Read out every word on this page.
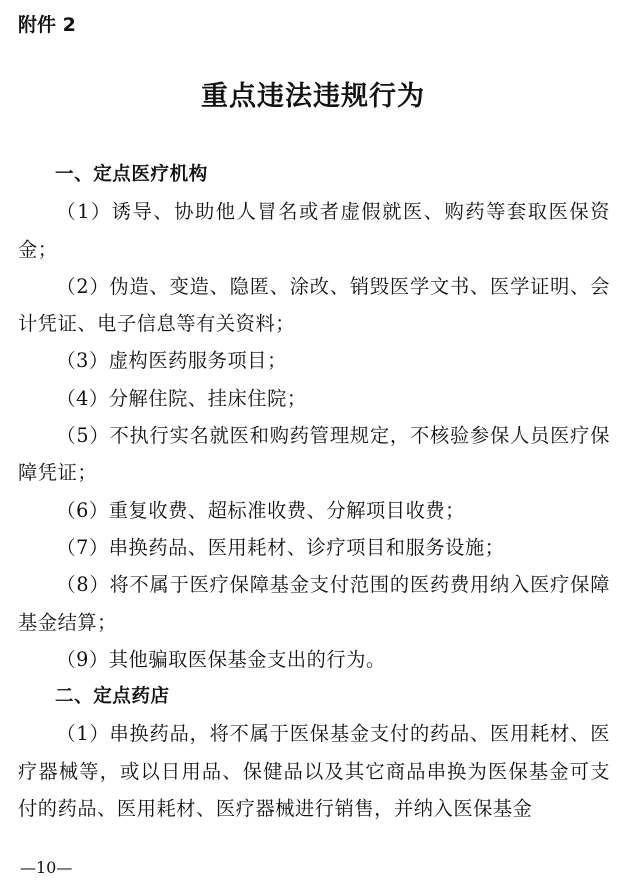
附件 2
重点违法违规行为

一、定点医疗机构

（1）诱导、协助他人冒名或者虚假就医、购药等套取医保资金；

（2）伪造、变造、隐匿、涂改、销毁医学文书、医学证明、会计凭证、电子信息等有关资料；

（3）虚构医药服务项目；

（4）分解住院、挂床住院；

（5）不执行实名就医和购药管理规定，不核验参保人员医疗保障凭证；

（6）重复收费、超标准收费、分解项目收费；

（7）串换药品、医用耗材、诊疗项目和服务设施；

（8）将不属于医疗保障基金支付范围的医药费用纳入医疗保障基金结算；

（9）其他骗取医保基金支出的行为。

二、定点药店

（1）串换药品，将不属于医保基金支付的药品、医用耗材、医疗器械等，或以日用品、保健品以及其它商品串换为医保基金可支付的药品、医用耗材、医疗器械进行销售，并纳入医保基金

—10—
